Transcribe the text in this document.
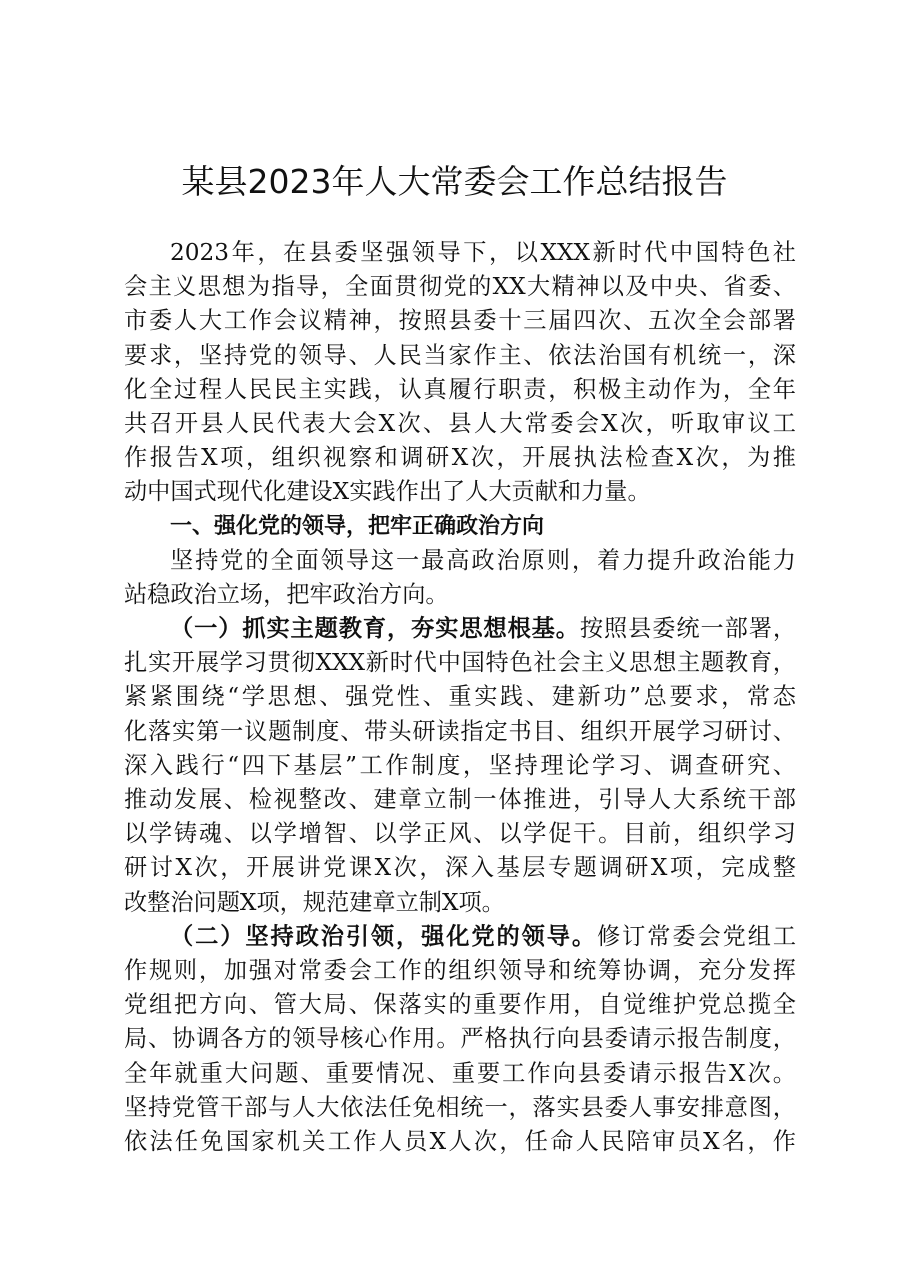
某县2023年人大常委会工作总结报告
2023年，在县委坚强领导下，以XXX新时代中国特色社
会主义思想为指导，全面贯彻党的XX大精神以及中央、省委、
市委人大工作会议精神，按照县委十三届四次、五次全会部署
要求，坚持党的领导、人民当家作主、依法治国有机统一，深
化全过程人民民主实践，认真履行职责，积极主动作为，全年
共召开县人民代表大会X次、县人大常委会X次，听取审议工
作报告X项，组织视察和调研X次，开展执法检查X次，为推
动中国式现代化建设X实践作出了人大贡献和力量。
一、强化党的领导，把牢正确政治方向
坚持党的全面领导这一最高政治原则，着力提升政治能力
站稳政治立场，把牢政治方向。
（一）抓实主题教育，夯实思想根基。按照县委统一部署，
扎实开展学习贯彻XXX新时代中国特色社会主义思想主题教育，
紧紧围绕“学思想、强党性、重实践、建新功”总要求，常态
化落实第一议题制度、带头研读指定书目、组织开展学习研讨、
深入践行“四下基层”工作制度，坚持理论学习、调查研究、
推动发展、检视整改、建章立制一体推进，引导人大系统干部
以学铸魂、以学增智、以学正风、以学促干。目前，组织学习
研讨X次，开展讲党课X次，深入基层专题调研X项，完成整
改整治问题X项，规范建章立制X项。
（二）坚持政治引领，强化党的领导。修订常委会党组工
作规则，加强对常委会工作的组织领导和统筹协调，充分发挥
党组把方向、管大局、保落实的重要作用，自觉维护党总揽全
局、协调各方的领导核心作用。严格执行向县委请示报告制度，
全年就重大问题、重要情况、重要工作向县委请示报告X次。
坚持党管干部与人大依法任免相统一，落实县委人事安排意图，
依法任免国家机关工作人员X人次，任命人民陪审员X名，作
